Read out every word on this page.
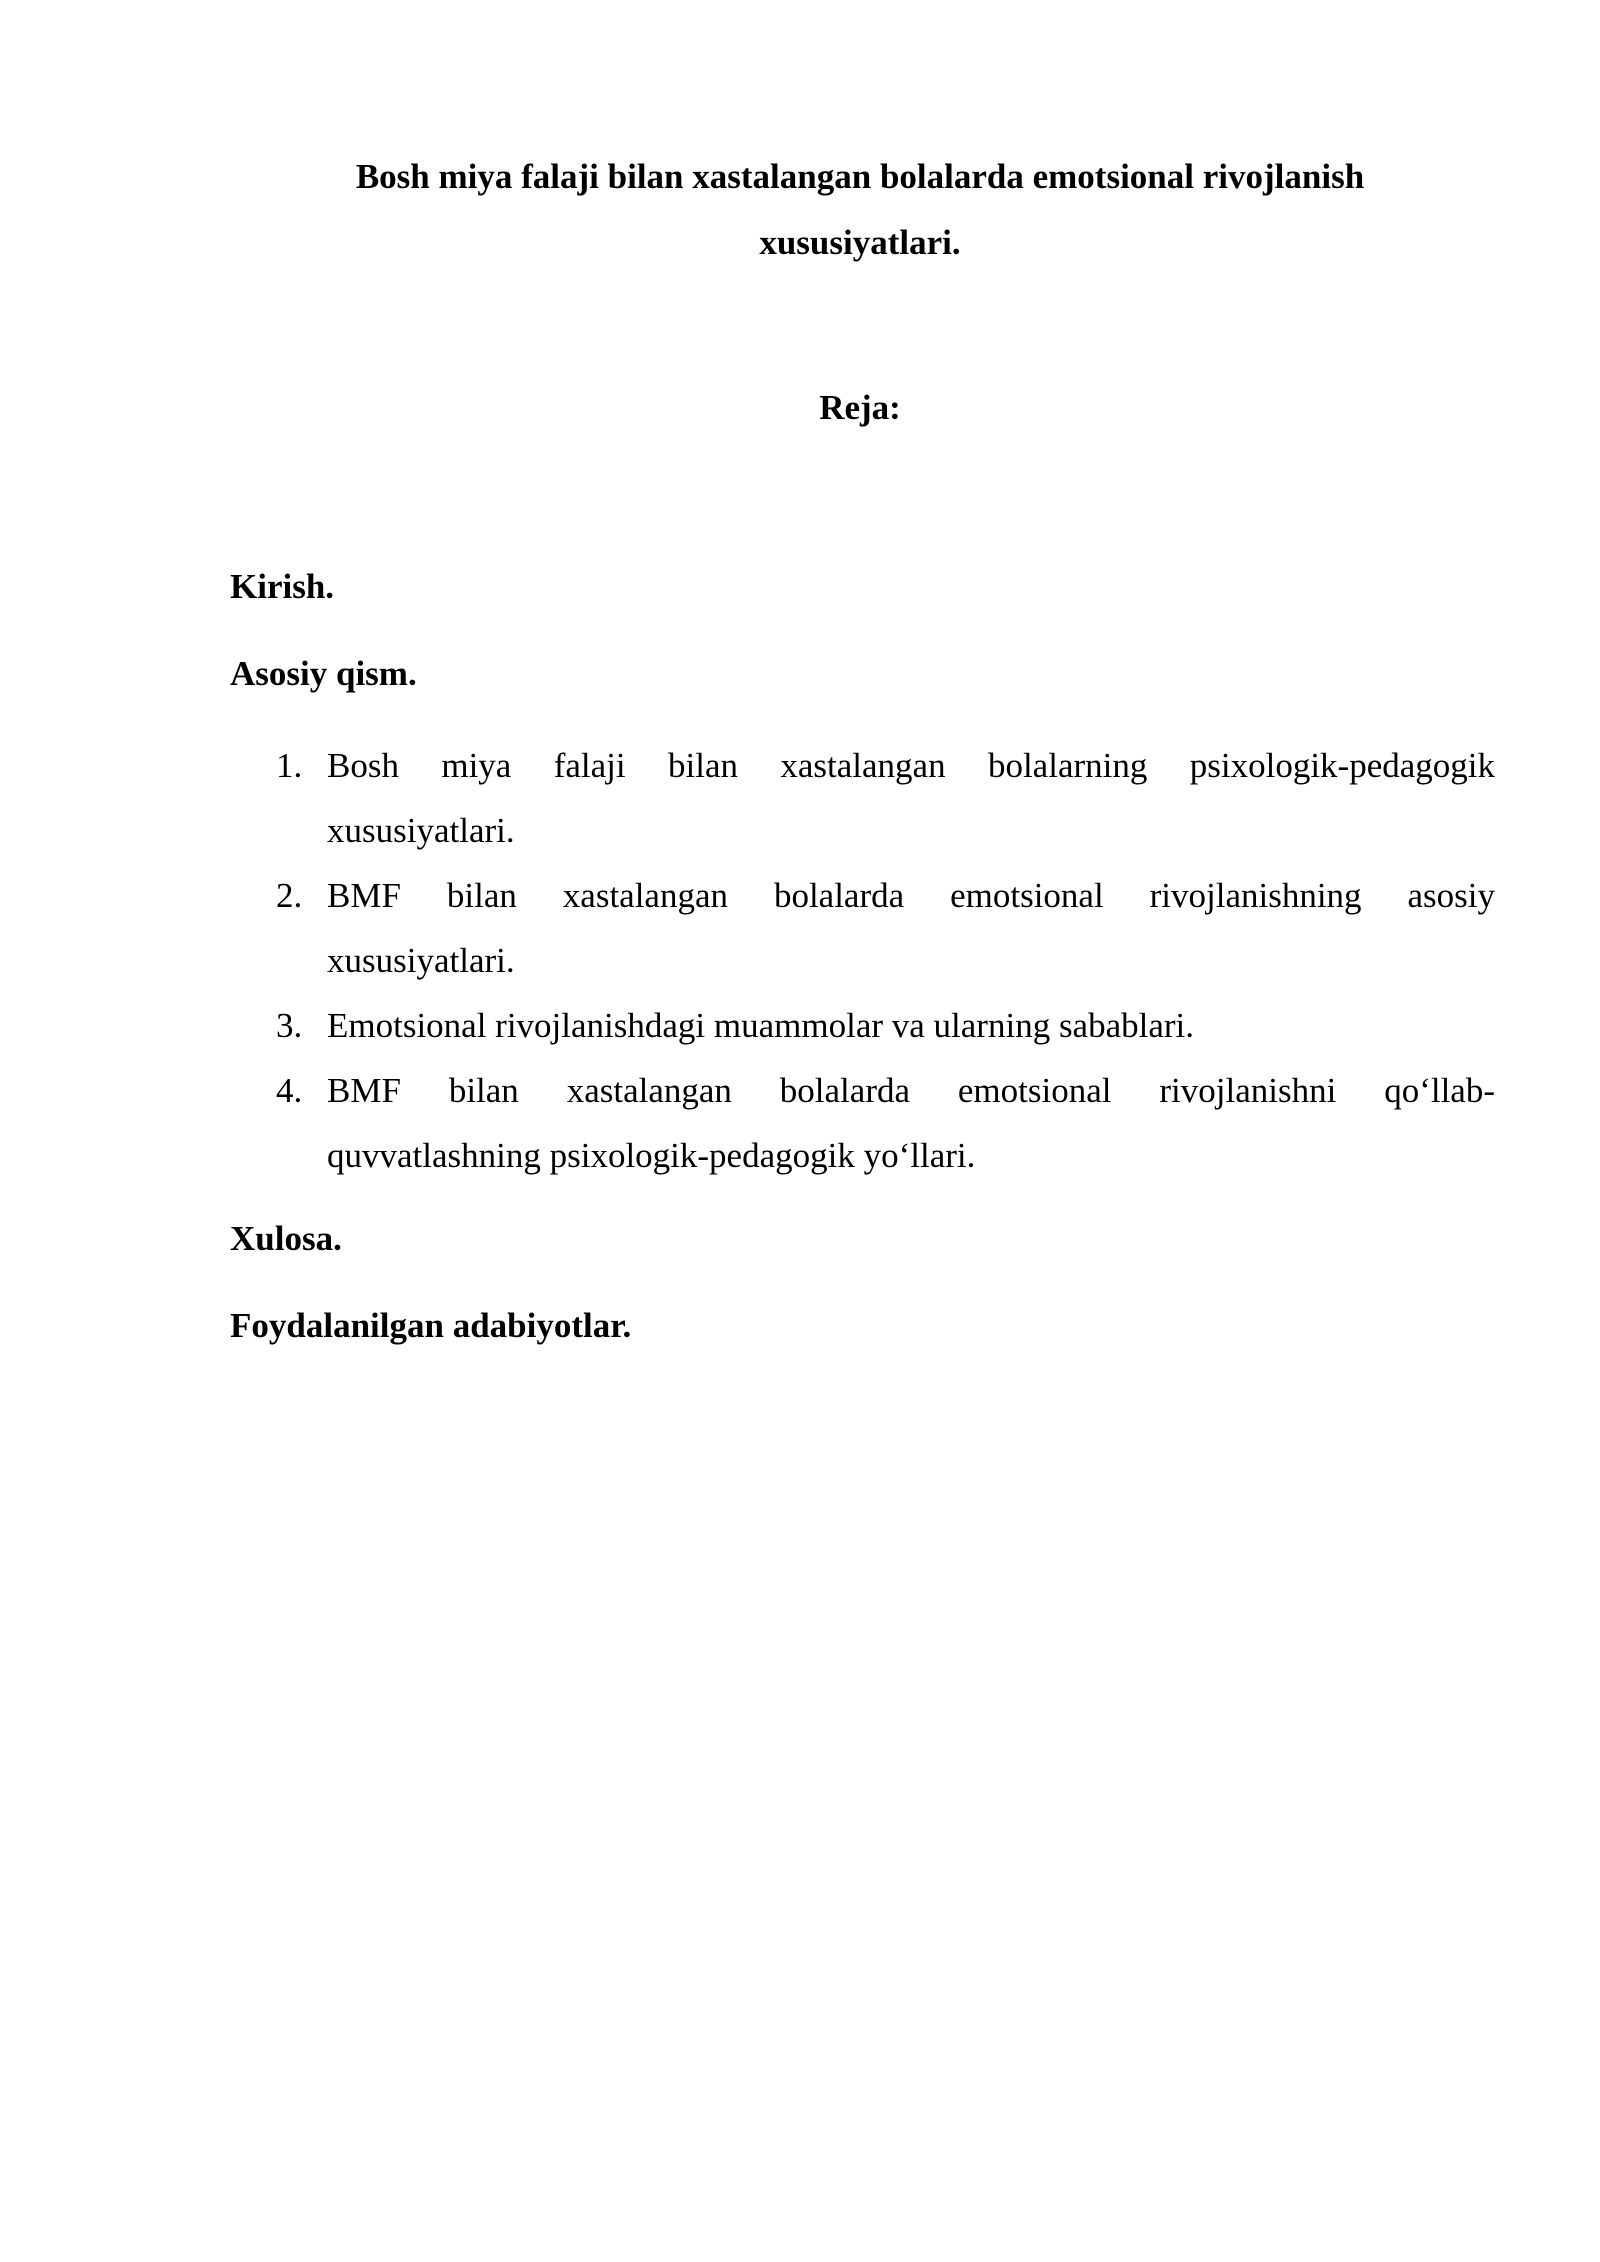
Bosh miya falaji bilan xastalangan bolalarda emotsional rivojlanish
xususiyatlari.
Reja:
Kirish.
Asosiy qism.
1. Bosh miya falaji bilan xastalangan bolalarning psixologik-pedagogik
xususiyatlari.
2. BMF bilan xastalangan bolalarda emotsional rivojlanishning asosiy
xususiyatlari.
3. Emotsional rivojlanishdagi muammolar va ularning sabablari.
4. BMF bilan xastalangan bolalarda emotsional rivojlanishni qo‘llab-
quvvatlashning psixologik-pedagogik yo‘llari.
Xulosa.
Foydalanilgan adabiyotlar.
